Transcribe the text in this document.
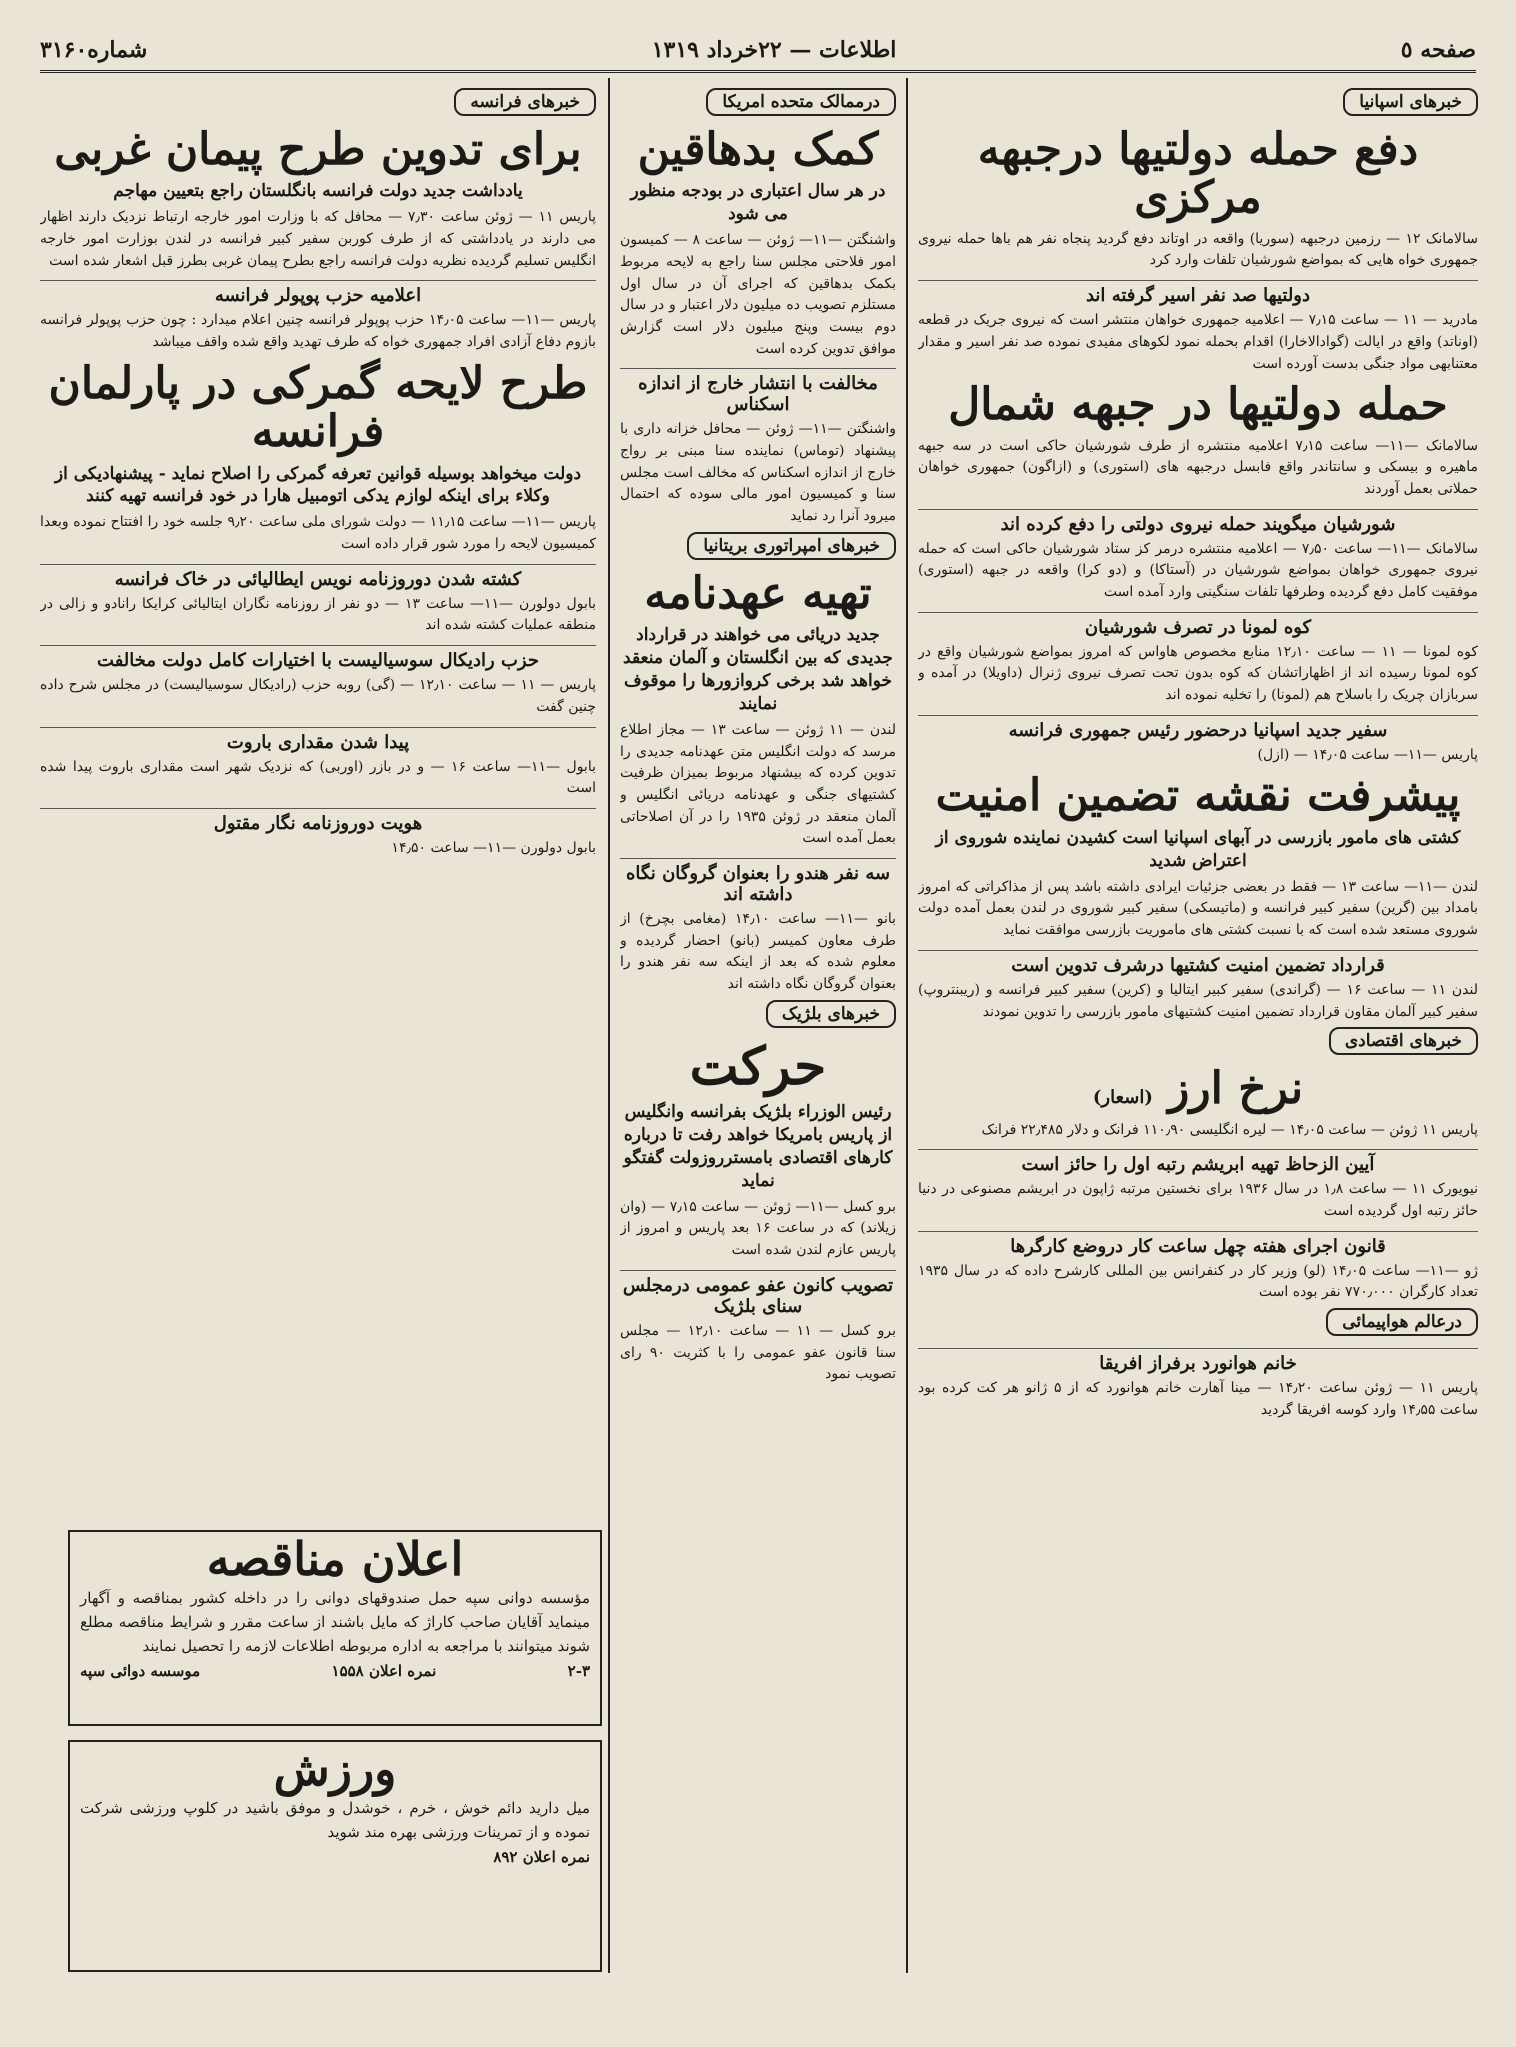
صفحه ٥
اطلاعات — ۲۲خرداد ۱۳۱۹
شماره۳۱۶۰
خبرهای اسپانیا
دفع حمله دولتیها درجبهه مرکزی
سالامانک ۱۲ — رزمین درجبهه (سوریا) واقعه در اوتاند دفع گردید پنجاه نفر هم باها حمله نیروی جمهوری خواه هایی که بمواضع شورشیان تلفات وارد کرد
دولتیها صد نفر اسیر گرفته اند
مادرید — ۱۱ — ساعت ۷٫۱۵ — اعلامیه جمهوری خواهان منتشر است که نیروی جریک در قطعه (اوناتد) واقع در ایالت (گوادالاخارا) اقدام بحمله نمود لکوهای مفیدی نموده صد نفر اسیر و مقدار معتنابهی مواد جنگی بدست آورده است
حمله دولتیها در جبهه شمال
سالامانک —۱۱— ساعت ۷٫۱۵ اعلامیه منتشره از طرف شورشیان حاکی است در سه جبهه ماهیره و بیسکی و سانتاندر واقع فابسل درجبهه های (استوری) و (ازاگون) جمهوری خواهان حملاتی بعمل آوردند
شورشیان میگویند حمله نیروی دولتی را دفع کرده اند
سالامانک —۱۱— ساعت ۷٫۵۰ — اعلامیه منتشره درمر کز ستاد شورشیان حاکی است که حمله نیروی جمهوری خواهان بمواضع شورشیان در (آستاکا) و (دو کرا) واقعه در جبهه (استوری) موفقیت کامل دفع گردیده وطرفها تلفات سنگینی وارد آمده است
کوه لمونا در تصرف شورشیان
کوه لمونا — ۱۱ — ساعت ۱۲٫۱۰ منابع مخصوص هاواس که امروز بمواضع شورشیان واقع در کوه لمونا رسیده اند از اظهاراتشان که کوه بدون تحت تصرف نیروی ژنرال (داویلا) در آمده و سربازان چریک را باسلاح هم (لمونا) را تخلیه نموده اند
سفیر جدید اسپانیا درحضور رئیس جمهوری فرانسه
پاریس —۱۱— ساعت ۱۴٫۰۵ — (ازل)
پیشرفت نقشه تضمین امنیت
کشتی های مامور بازرسی در آبهای اسپانیا است کشیدن نماینده شوروی از اعتراض شدید
لندن —۱۱— ساعت ۱۳ — فقط در بعضی جزئیات ایرادی داشته باشد پس از مذاکراتی که امروز بامداد بین (گرین) سفیر کبیر فرانسه و (ماتیسکی) سفیر کبیر شوروی در لندن بعمل آمده دولت شوروی مستعد شده است که با نسبت کشتی های ماموریت بازرسی موافقت نماید
قرارداد تضمین امنیت کشتیها درشرف تدوین است
لندن ۱۱ — ساعت ۱۶ — (گراندی) سفیر کبیر ایتالیا و (کرین) سفیر کبیر فرانسه و (ریبنتروپ) سفیر کبیر آلمان مقاون قرارداد تضمین امنیت کشتیهای مامور بازرسی را تدوین نمودند
خبرهای اقتصادی
نرخ ارز (اسعار)
پاریس ۱۱ ژوئن — ساعت ۱۴٫۰۵ — لیره انگلیسی ۱۱۰٫۹۰ فرانک و دلار ۲۲٫۴۸۵ فرانک
آیین الزحاظ تهیه ابریشم رتبه اول را حائز است
نیویورک ۱۱ — ساعت ۱٫۸ در سال ۱۹۳۶ برای نخستین مرتبه ژاپون در ابریشم مصنوعی در دنیا حائز رتبه اول گردیده است
قانون اجرای هفته چهل ساعت کار دروضع کارگرها
ژو —۱۱— ساعت ۱۴٫۰۵ (لو) وزیر کار در کنفرانس بین المللی کارشرح داده که در سال ۱۹۳۵ تعداد کارگران ۷۷۰٫۰۰۰ نفر بوده است
درعالم هواپیمائی
خانم هوانورد برفراز افریقا
پاریس ۱۱ — ژوئن ساعت ۱۴٫۲۰ — مینا آهارت خانم هوانورد که از ۵ ژانو هر کت کرده بود ساعت ۱۴٫۵۵ وارد کوسه افریقا گردید
درممالک متحده امریکا
کمک بدهاقین
در هر سال اعتباری در بودجه منظور می شود
واشنگتن —۱۱— ژوئن — ساعت ۸ — کمیسون امور فلاحتی مجلس سنا راجع به لایحه مربوط بکمک بدهاقین که اجرای آن در سال اول مستلزم تصویب ده میلیون دلار اعتبار و در سال دوم بیست وپنج میلیون دلار است گزارش موافق تدوین کرده است
مخالفت با انتشار خارج از اندازه اسکناس
واشنگتن —۱۱— ژوئن — محافل خزانه داری با پیشنهاد (توماس) نماینده سنا مبنی بر رواج خارج از اندازه اسکناس که مخالف است مجلس سنا و کمیسیون امور مالی سوده که احتمال میرود آنرا رد نماید
خبرهای امپراتوری بریتانیا
تهیه عهدنامه
جدید دریائی می خواهند در قرارداد جدیدی که بین انگلستان و آلمان منعقد خواهد شد برخی کروازورها را موقوف نمایند
لندن — ۱۱ ژوئن — ساعت ۱۳ — مجاز اطلاع مرسد که دولت انگلیس متن عهدنامه جدیدی را تدوین کرده که بیشنهاد مربوط بمیزان ظرفیت کشتیهای جنگی و عهدنامه دریائی انگلیس و آلمان منعقد در ژوئن ۱۹۳۵ را در آن اصلاحاتی بعمل آمده است
سه نفر هندو را بعنوان گروگان نگاه داشته اند
بانو —۱۱— ساعت ۱۴٫۱۰ (مغامی بچرخ) از طرف معاون کمیسر (بانو) احضار گردیده و معلوم شده که بعد از اینکه سه نفر هندو را بعنوان گروگان نگاه داشته اند
خبرهای بلژیک
حرکت
رئیس الوزراء بلژیک بفرانسه وانگلیس از پاریس بامریکا خواهد رفت تا درباره کارهای اقتصادی بامسترروزولت گفتگو نماید
برو کسل —۱۱— ژوئن — ساعت ۷٫۱۵ — (وان زیلاند) که در ساعت ۱۶ بعد پاریس و امروز از پاریس عازم لندن شده است
تصویب کانون عفو عمومی درمجلس سنای بلژیک
برو کسل — ۱۱ — ساعت ۱۲٫۱۰ — مجلس سنا قانون عفو عمومی را با کثریت ۹۰ رای تصویب نمود
خبرهای فرانسه
برای تدوین طرح پیمان غربی
یادداشت جدید دولت فرانسه بانگلستان راجع بتعیین مهاجم
پاریس ۱۱ — ژوئن ساعت ۷٫۳۰ — محافل که با وزارت امور خارجه ارتباط نزدیک دارند اظهار می دارند در یادداشتی که از طرف کوربن سفیر کبیر فرانسه در لندن بوزارت امور خارجه انگلیس تسلیم گردیده نظریه دولت فرانسه راجع بطرح پیمان غربی بطرز قبل اشعار شده است
اعلامیه حزب پوپولر فرانسه
پاریس —۱۱— ساعت ۱۴٫۰۵ حزب پوپولر فرانسه چنین اعلام میدارد : چون حزب پوپولر فرانسه بازوم دفاع آزادی افراد جمهوری خواه که طرف تهدید واقع شده واقف میباشد
طرح لایحه گمرکی در پارلمان فرانسه
دولت میخواهد بوسیله قوانین تعرفه گمرکی را اصلاح نماید - پیشنهادیکی از وکلاء برای اینکه لوازم یدکی اتومبیل هارا در خود فرانسه تهیه کنند
پاریس —۱۱— ساعت ۱۱٫۱۵ — دولت شورای ملی ساعت ۹٫۲۰ جلسه خود را افتتاح نموده وبعدا کمیسیون لایحه را مورد شور قرار داده است
کشته شدن دوروزنامه نویس ایطالیائی در خاک فرانسه
بابول دولورن —۱۱— ساعت ۱۳ — دو نفر از روزنامه نگاران ایتالیائی کرایکا رانادو و زالی در منطقه عملیات کشته شده اند
حزب رادیکال سوسیالیست با اختیارات کامل دولت مخالفت
پاریس — ۱۱ — ساعت ۱۲٫۱۰ — (گی) روبه حزب (رادیکال سوسیالیست) در مجلس شرح داده چنین گفت
پیدا شدن مقداری باروت
بابول —۱۱— ساعت ۱۶ — و در بازر (اوربی) که نزدیک شهر است مقداری باروت پیدا شده است
هویت دوروزنامه نگار مقتول
بابول دولورن —۱۱— ساعت ۱۴٫۵۰
اعلان مناقصه
مؤسسه دوانی سپه حمل صندوقهای دوانی را در داخله کشور بمناقصه و آگهار مینماید آقایان صاحب کاراژ که مایل باشند از ساعت مقرر و شرایط مناقصه مطلع شوند میتوانند با مراجعه به اداره مربوطه اطلاعات لازمه را تحصیل نمایند
۲-۳
نمره اعلان ۱۵۵۸
موسسه دوائی سپه
ورزش
میل دارید دائم خوش ، خرم ، خوشدل و موفق باشید در کلوپ ورزشی شرکت نموده و از تمرینات ورزشی بهره مند شوید
نمره اعلان ۸۹۲
